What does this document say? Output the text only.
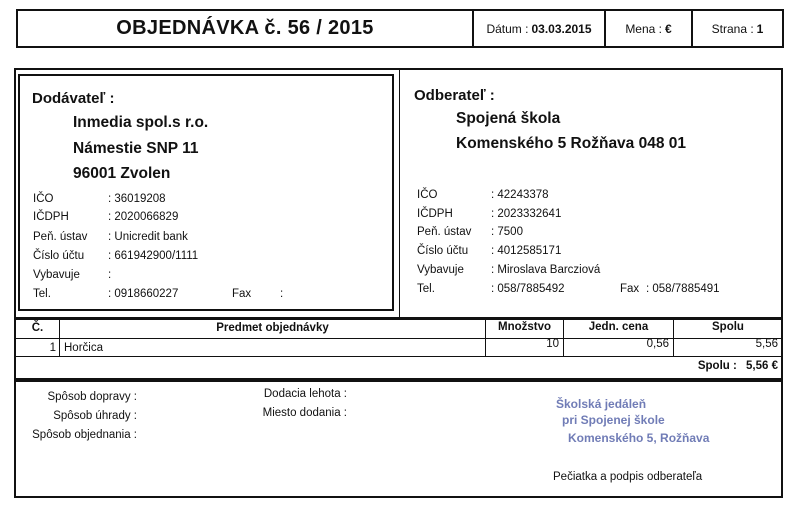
OBJEDNÁVKA č. 56 / 2015	Dátum : 03.03.2015	Mena : €	Strana : 1
Dodávateľ :
Inmedia spol.s r.o.
Námestie SNP 11
96001 Zvolen
IČO	: 36019208
IČDPH	: 2020066829
Peň. ústav : Unicredit bank
Číslo účtu : 661942900/1111
Vybavuje :
Tel.	: 0918660227	Fax	:
Odberateľ :
Spojená škola
Komenského 5 Rožňava 048 01
IČO	: 42243378
IČDPH	: 2023332641
Peň. ústav : 7500
Číslo účtu : 4012585171
Vybavuje : Miroslava Barcziová
Tel.	: 058/7885492	Fax : 058/7885491
Č.	Predmet objednávky	Množstvo	Jedn. cena	Spolu
1 Horčica	10	0,56	5,56
Spolu : 5,56 €
Spôsob dopravy :
Spôsob úhrady :
Spôsob objednania :
Dodacia lehota :
Miesto dodania :
Školská jedáleň
pri Spojenej škole
Komenského 5, Rožňava
Pečiatka a podpis odberateľa
